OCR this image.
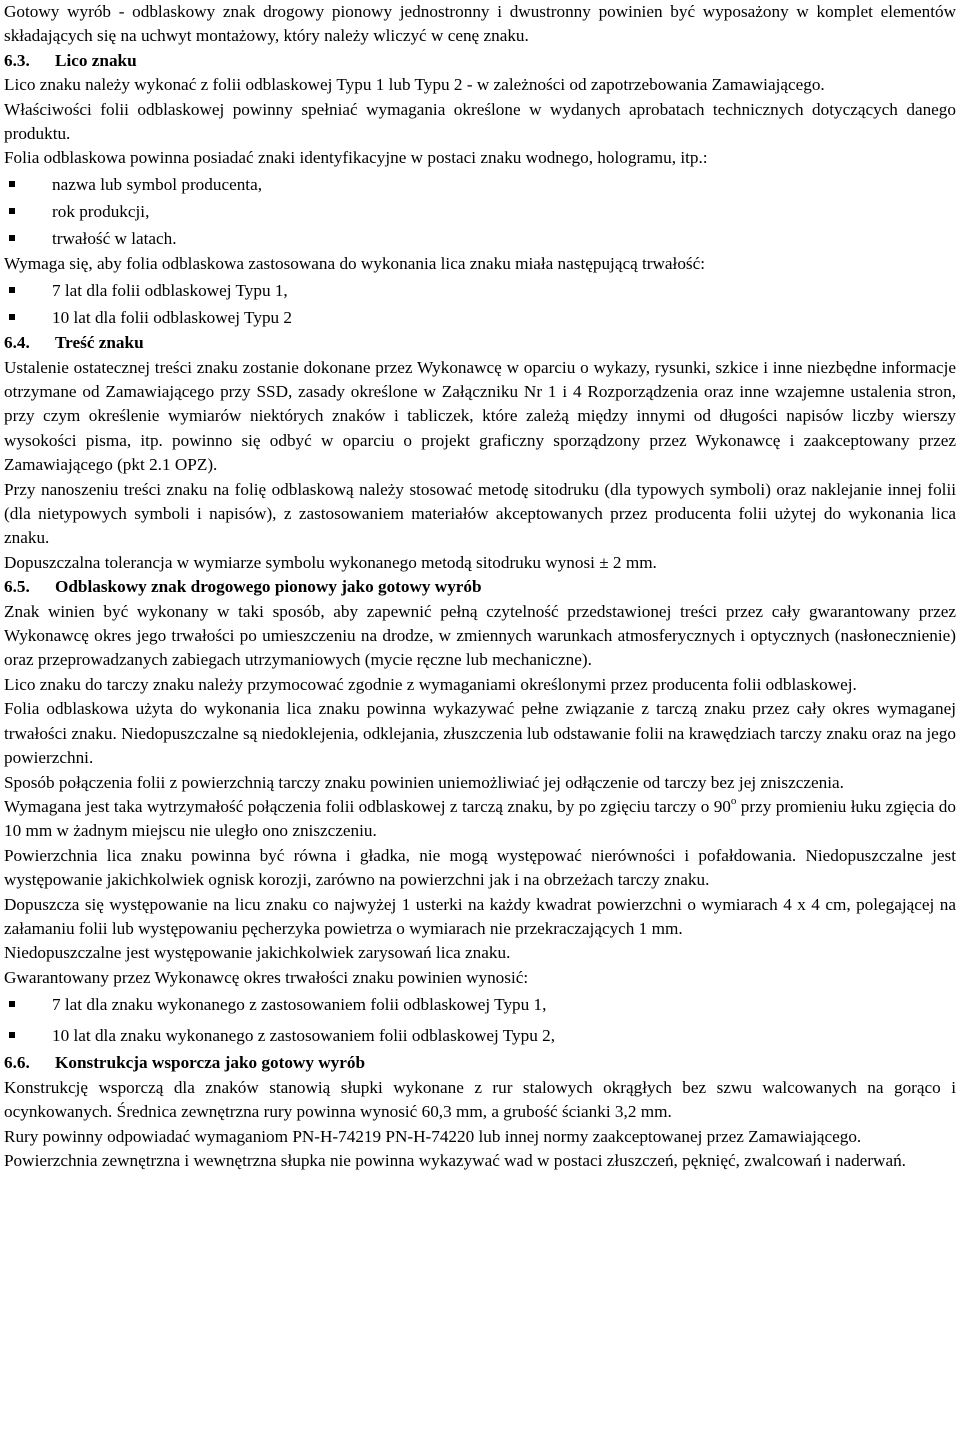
Gotowy wyrób - odblaskowy znak drogowy pionowy jednostronny i dwustronny powinien być wyposażony w komplet elementów składających się na uchwyt montażowy, który należy wliczyć w cenę znaku.

6.3.	Lico znaku

Lico znaku należy wykonać z folii odblaskowej Typu 1 lub Typu 2 - w zależności od zapotrzebowania Zamawiającego.

Właściwości folii odblaskowej powinny spełniać wymagania określone w wydanych aprobatach technicznych dotyczących danego produktu.

Folia odblaskowa powinna posiadać znaki identyfikacyjne w postaci znaku wodnego, hologramu, itp.:

nazwa lub symbol producenta,
rok produkcji,
trwałość w latach.

Wymaga się, aby folia odblaskowa zastosowana do wykonania lica znaku miała następującą trwałość:

7 lat dla folii odblaskowej Typu 1,
10 lat dla folii odblaskowej Typu 2
6.4.	Treść znaku

Ustalenie ostatecznej treści znaku zostanie dokonane przez Wykonawcę w oparciu o wykazy, rysunki, szkice i inne niezbędne informacje otrzymane od Zamawiającego przy SSD, zasady określone w Załączniku Nr 1 i 4 Rozporządzenia oraz inne wzajemne ustalenia stron, przy czym określenie wymiarów niektórych znaków i tabliczek, które zależą między innymi od długości napisów liczby wierszy wysokości pisma, itp. powinno się odbyć w oparciu o projekt graficzny sporządzony przez Wykonawcę i zaakceptowany przez Zamawiającego (pkt 2.1 OPZ).

Przy nanoszeniu treści znaku na folię odblaskową należy stosować metodę sitodruku (dla typowych symboli) oraz naklejanie innej folii (dla nietypowych symboli i napisów), z zastosowaniem materiałów akceptowanych przez producenta folii użytej do wykonania lica znaku.

Dopuszczalna tolerancja w wymiarze symbolu wykonanego metodą sitodruku wynosi ± 2 mm.

6.5.	Odblaskowy znak drogowego pionowy jako gotowy wyrób

Znak winien być wykonany w taki sposób, aby zapewnić pełną czytelność przedstawionej treści przez cały gwarantowany przez Wykonawcę okres jego trwałości po umieszczeniu na drodze, w zmiennych warunkach atmosferycznych i optycznych (nasłonecznienie) oraz przeprowadzanych zabiegach utrzymaniowych (mycie ręczne lub mechaniczne).

Lico znaku do tarczy znaku należy przymocować zgodnie z wymaganiami określonymi przez producenta folii odblaskowej.

Folia odblaskowa użyta do wykonania lica znaku powinna wykazywać pełne związanie z tarczą znaku przez cały okres wymaganej trwałości znaku. Niedopuszczalne są niedoklejenia, odklejania, złuszczenia lub odstawanie folii na krawędziach tarczy znaku oraz na jego powierzchni.

Sposób połączenia folii z powierzchnią tarczy znaku powinien uniemożliwiać jej odłączenie od tarczy bez jej zniszczenia.

Wymagana jest taka wytrzymałość połączenia folii odblaskowej z tarczą znaku, by po zgięciu tarczy o 90$^o$ przy promieniu łuku zgięcia do 10 mm w żadnym miejscu nie uległo ono zniszczeniu.

Powierzchnia lica znaku powinna być równa i gładka, nie mogą występować nierówności i pofałdowania. Niedopuszczalne jest występowanie jakichkolwiek ognisk korozji, zarówno na powierzchni jak i na obrzeżach tarczy znaku.

Dopuszcza się występowanie na licu znaku co najwyżej 1 usterki na każdy kwadrat powierzchni o wymiarach 4 x 4 cm, polegającej na załamaniu folii lub występowaniu pęcherzyka powietrza o wymiarach nie przekraczających 1 mm.

Niedopuszczalne jest występowanie jakichkolwiek zarysowań lica znaku.

Gwarantowany przez Wykonawcę okres trwałości znaku powinien wynosić:

7 lat dla znaku wykonanego z zastosowaniem folii odblaskowej Typu 1,
10 lat dla znaku wykonanego z zastosowaniem folii odblaskowej Typu 2,
6.6.	Konstrukcja wsporcza jako gotowy wyrób

Konstrukcję wsporczą dla znaków stanowią słupki wykonane z rur stalowych okrągłych bez szwu walcowanych na gorąco i ocynkowanych. Średnica zewnętrzna rury powinna wynosić 60,3 mm, a grubość ścianki 3,2 mm.

Rury powinny odpowiadać wymaganiom PN-H-74219 PN-H-74220 lub innej normy zaakceptowanej przez Zamawiającego.

Powierzchnia zewnętrzna i wewnętrzna słupka nie powinna wykazywać wad w postaci złuszczeń, pęknięć, zwalcowań i naderwań.
